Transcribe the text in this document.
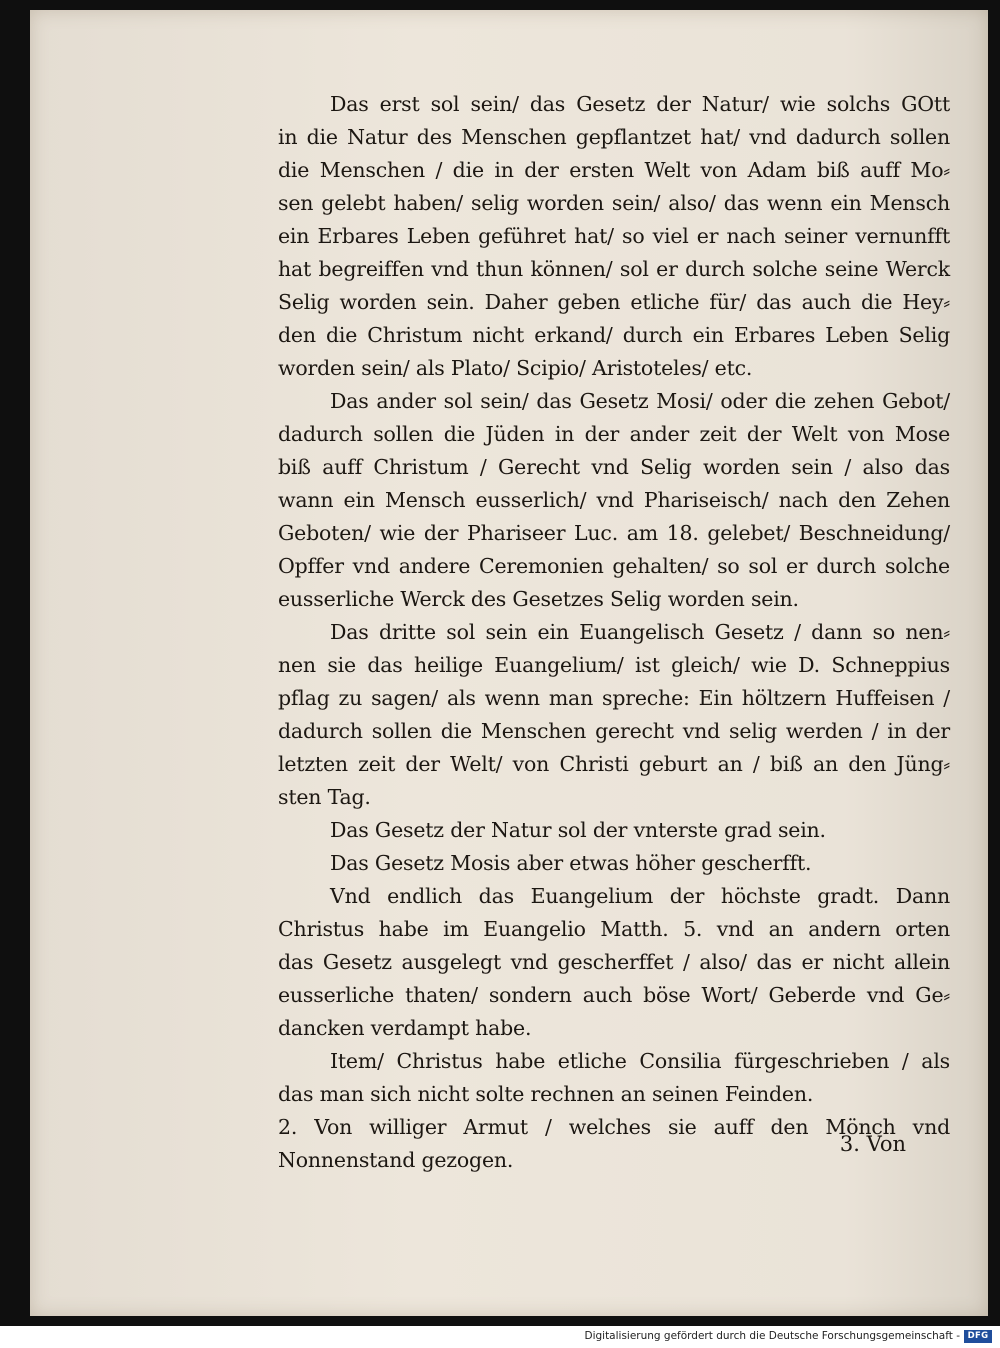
Das erst sol sein/ das Gesetz der Natur/ wie solchs GOtt
in die Natur des Menschen gepflantzet hat/ vnd dadurch sollen
die Menschen / die in der ersten Welt von Adam biß auff Mo⸗
sen gelebt haben/ selig worden sein/ also/ das wenn ein Mensch
ein Erbares Leben geführet hat/ so viel er nach seiner vernunfft
hat begreiffen vnd thun können/ sol er durch solche seine Werck
Selig worden sein. Daher geben etliche für/ das auch die Hey⸗
den die Christum nicht erkand/ durch ein Erbares Leben Selig
worden sein/ als Plato/ Scipio/ Aristoteles/ etc.
Das ander sol sein/ das Gesetz Mosi/ oder die zehen Gebot/
dadurch sollen die Jüden in der ander zeit der Welt von Mose
biß auff Christum / Gerecht vnd Selig worden sein / also das
wann ein Mensch eusserlich/ vnd Phariseisch/ nach den Zehen
Geboten/ wie der Phariseer Luc. am 18. gelebet/ Beschneidung/
Opffer vnd andere Ceremonien gehalten/ so sol er durch solche
eusserliche Werck des Gesetzes Selig worden sein.
Das dritte sol sein ein Euangelisch Gesetz / dann so nen⸗
nen sie das heilige Euangelium/ ist gleich/ wie D. Schneppius
pflag zu sagen/ als wenn man spreche: Ein höltzern Huffeisen /
dadurch sollen die Menschen gerecht vnd selig werden / in der
letzten zeit der Welt/ von Christi geburt an / biß an den Jüng⸗
sten Tag.
Das Gesetz der Natur sol der vnterste grad sein.
Das Gesetz Mosis aber etwas höher gescherfft.
Vnd endlich das Euangelium der höchste gradt. Dann
Christus habe im Euangelio Matth. 5. vnd an andern orten
das Gesetz ausgelegt vnd gescherffet / also/ das er nicht allein
eusserliche thaten/ sondern auch böse Wort/ Geberde vnd Ge⸗
dancken verdampt habe.
Item/ Christus habe etliche Consilia fürgeschrieben / als
das man sich nicht solte rechnen an seinen Feinden.
2. Von williger Armut / welches sie auff den Mönch vnd
Nonnenstand gezogen.
3. Von
Digitalisierung gefördert durch die Deutsche Forschungsgemeinschaft - DFG
